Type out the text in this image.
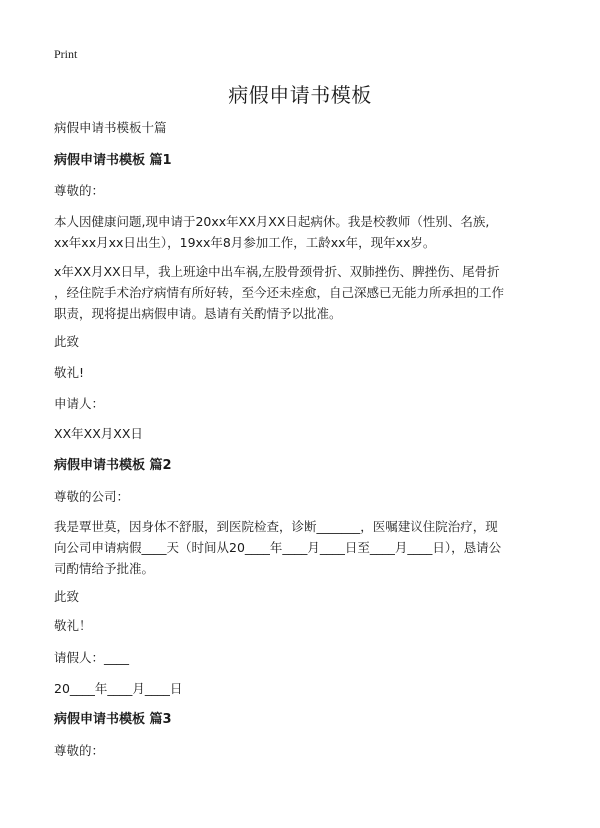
Print
病假申请书模板
病假申请书模板十篇
病假申请书模板 篇1
尊敬的：
本人因健康问题,现申请于20xx年XX月XX日起病休。我是校教师（性别、名族,
xx年xx月xx日出生），19xx年8月参加工作，工龄xx年，现年xx岁。
x年XX月XX日早，我上班途中出车祸,左股骨颈骨折、双肺挫伤、脾挫伤、尾骨折
，经住院手术治疗病情有所好转，至今还未痊愈，自己深感已无能力所承担的工作
职责，现将提出病假申请。恳请有关酌情予以批准。
此致
敬礼!
申请人：
XX年XX月XX日
病假申请书模板 篇2
尊敬的公司：
我是覃世莫，因身体不舒服，到医院检查，诊断_______，医嘱建议住院治疗，现
向公司申请病假____天（时间从20____年____月____日至____月____日），恳请公
司酌情给予批准。
此致
敬礼！
请假人：____
20____年____月____日
病假申请书模板 篇3
尊敬的：
